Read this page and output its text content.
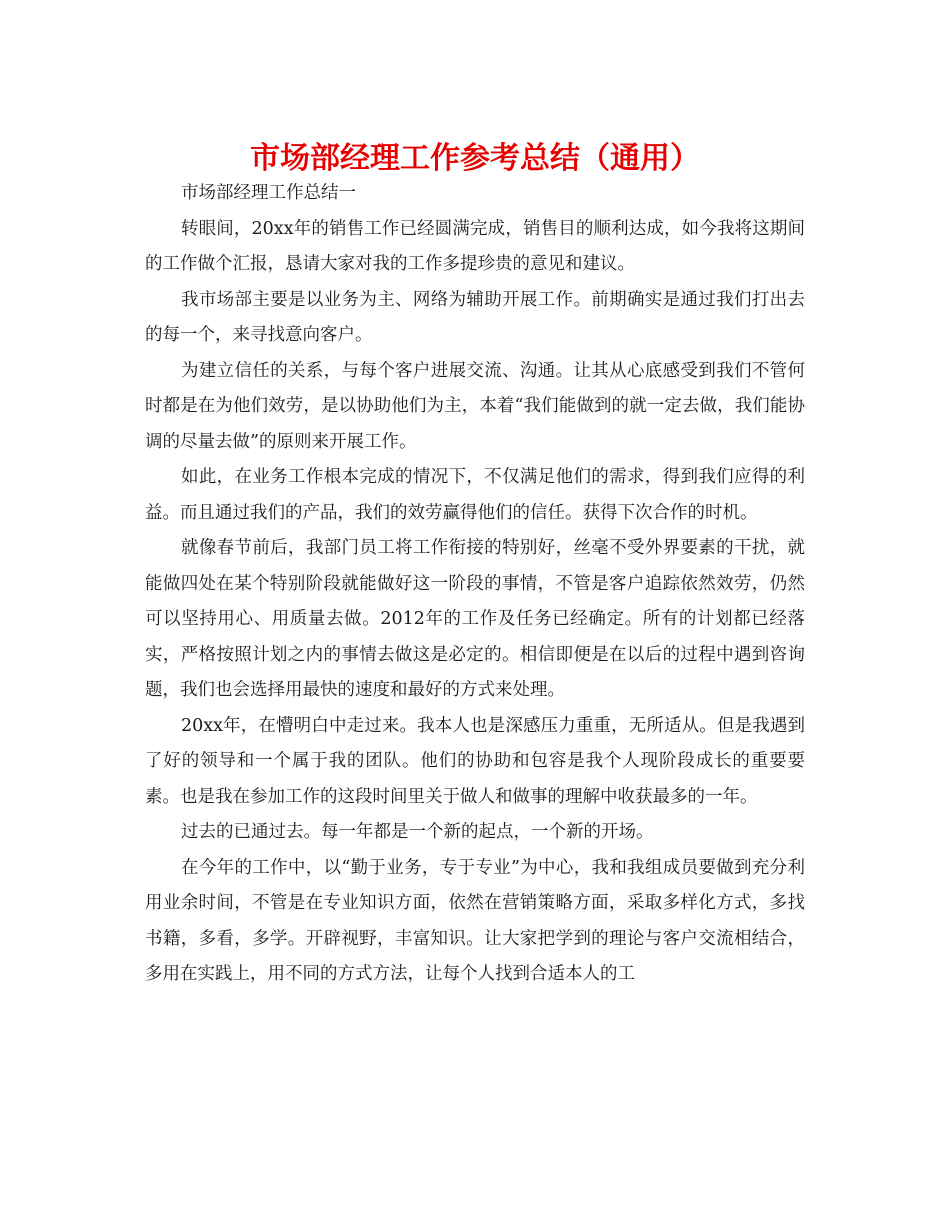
市场部经理工作参考总结（通用）

市场部经理工作总结一

转眼间，20xx年的销售工作已经圆满完成，销售目的顺利达成，如今我将这期间的工作做个汇报，恳请大家对我的工作多提珍贵的意见和建议。

我市场部主要是以业务为主、网络为辅助开展工作。前期确实是通过我们打出去的每一个，来寻找意向客户。

为建立信任的关系，与每个客户进展交流、沟通。让其从心底感受到我们不管何时都是在为他们效劳，是以协助他们为主，本着“我们能做到的就一定去做，我们能协调的尽量去做”的原则来开展工作。

如此，在业务工作根本完成的情况下，不仅满足他们的需求，得到我们应得的利益。而且通过我们的产品，我们的效劳赢得他们的信任。获得下次合作的时机。

就像春节前后，我部门员工将工作衔接的特别好，丝毫不受外界要素的干扰，就能做四处在某个特别阶段就能做好这一阶段的事情，不管是客户追踪依然效劳，仍然可以坚持用心、用质量去做。2012年的工作及任务已经确定。所有的计划都已经落实，严格按照计划之内的事情去做这是必定的。相信即便是在以后的过程中遇到咨询题，我们也会选择用最快的速度和最好的方式来处理。

20xx年，在懵明白中走过来。我本人也是深感压力重重，无所适从。但是我遇到了好的领导和一个属于我的团队。他们的协助和包容是我个人现阶段成长的重要要素。也是我在参加工作的这段时间里关于做人和做事的理解中收获最多的一年。

过去的已通过去。每一年都是一个新的起点，一个新的开场。

在今年的工作中，以“勤于业务，专于专业”为中心，我和我组成员要做到充分利用业余时间，不管是在专业知识方面，依然在营销策略方面，采取多样化方式，多找书籍，多看，多学。开辟视野，丰富知识。让大家把学到的理论与客户交流相结合，多用在实践上，用不同的方式方法，让每个人找到合适本人的工
